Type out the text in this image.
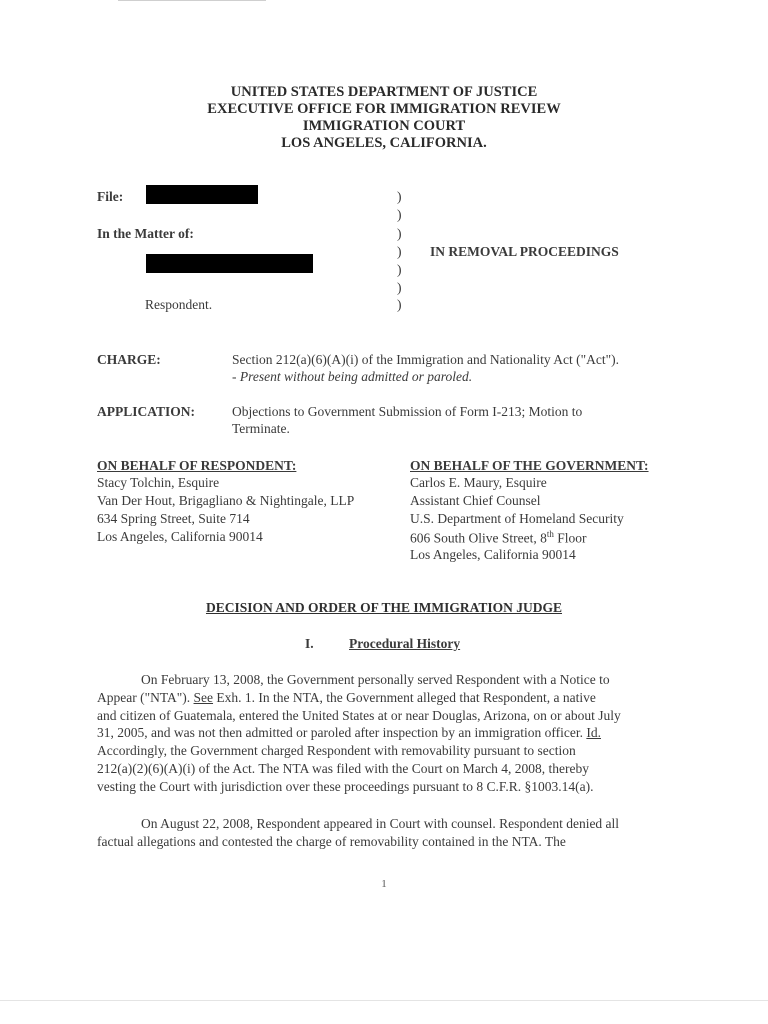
UNITED STATES DEPARTMENT OF JUSTICE
EXECUTIVE OFFICE FOR IMMIGRATION REVIEW
IMMIGRATION COURT
LOS ANGELES, CALIFORNIA.
File:
In the Matter of:
Respondent.
)
)
)
)
)
)
)
IN REMOVAL PROCEEDINGS
CHARGE:	Section 212(a)(6)(A)(i) of the Immigration and Nationality Act ("Act").
- Present without being admitted or paroled.
APPLICATION:	Objections to Government Submission of Form I-213; Motion to
Terminate.
ON BEHALF OF RESPONDENT:
Stacy Tolchin, Esquire
Van Der Hout, Brigagliano & Nightingale, LLP
634 Spring Street, Suite 714
Los Angeles, California 90014
ON BEHALF OF THE GOVERNMENT:
Carlos E. Maury, Esquire
Assistant Chief Counsel
U.S. Department of Homeland Security
606 South Olive Street, 8th Floor
Los Angeles, California 90014
DECISION AND ORDER OF THE IMMIGRATION JUDGE
I.	Procedural History
On February 13, 2008, the Government personally served Respondent with a Notice to
Appear ("NTA"). See Exh. 1. In the NTA, the Government alleged that Respondent, a native
and citizen of Guatemala, entered the United States at or near Douglas, Arizona, on or about July
31, 2005, and was not then admitted or paroled after inspection by an immigration officer. Id.
Accordingly, the Government charged Respondent with removability pursuant to section
212(a)(2)(6)(A)(i) of the Act. The NTA was filed with the Court on March 4, 2008, thereby
vesting the Court with jurisdiction over these proceedings pursuant to 8 C.F.R. §1003.14(a).
On August 22, 2008, Respondent appeared in Court with counsel. Respondent denied all
factual allegations and contested the charge of removability contained in the NTA. The
1
